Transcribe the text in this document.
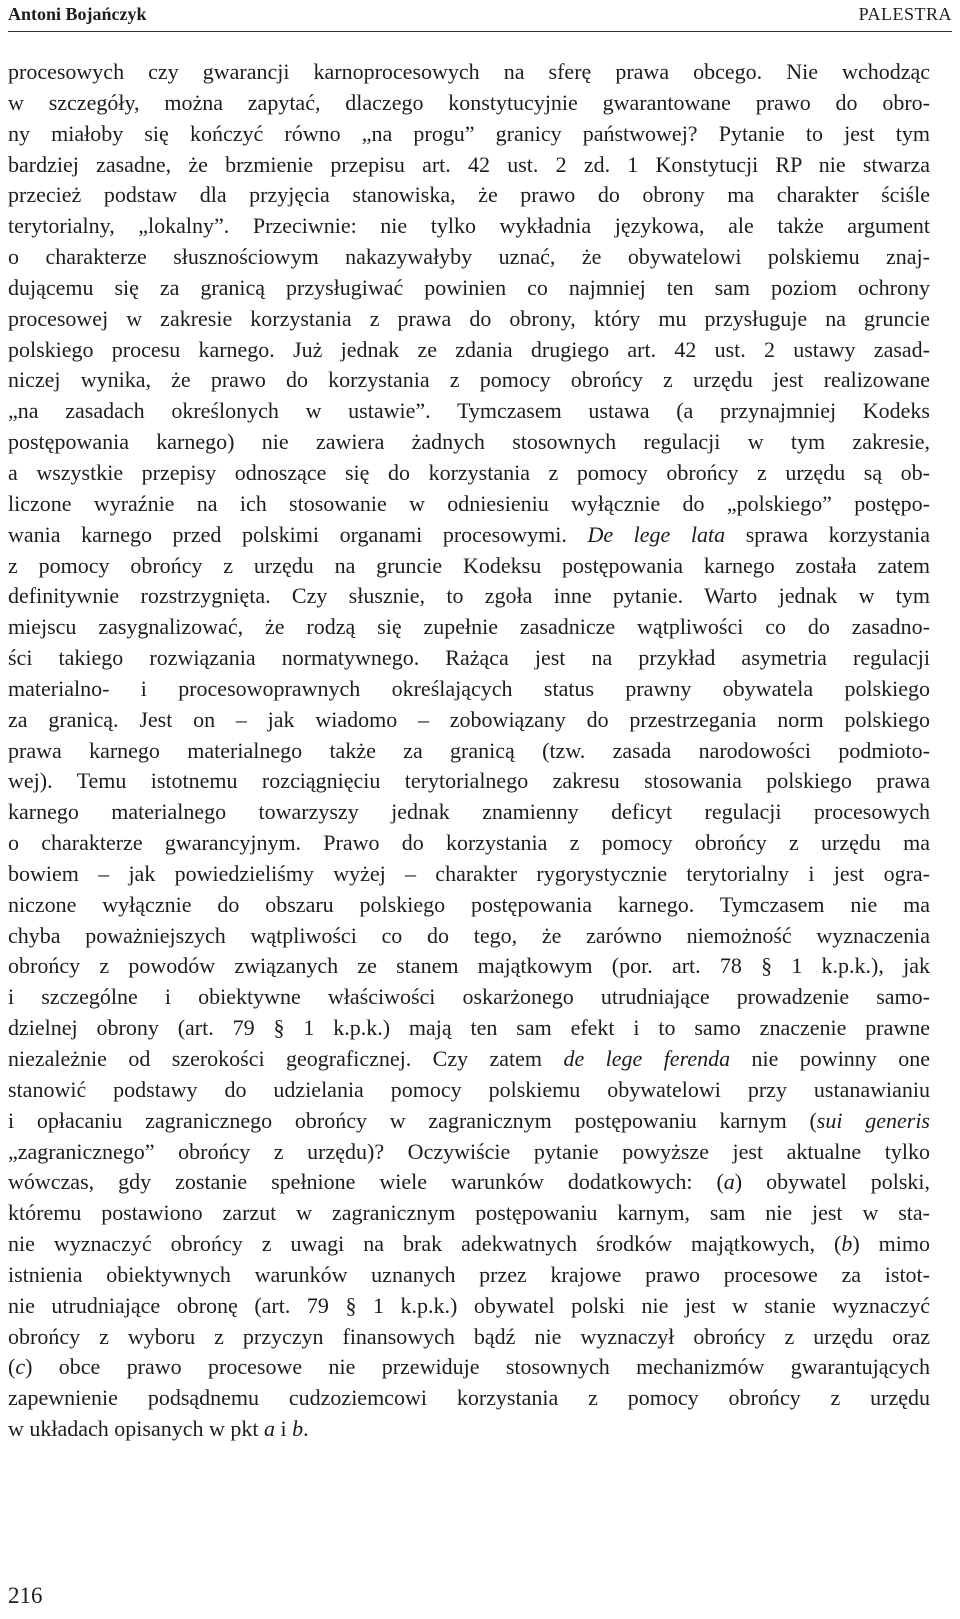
Antoni Bojańczyk	PALESTRA
procesowych czy gwarancji karnoprocesowych na sferę prawa obcego. Nie wchodząc
w szczegóły, można zapytać, dlaczego konstytucyjnie gwarantowane prawo do obro-
ny miałoby się kończyć równo „na progu” granicy państwowej? Pytanie to jest tym
bardziej zasadne, że brzmienie przepisu art. 42 ust. 2 zd. 1 Konstytucji RP nie stwarza
przecież podstaw dla przyjęcia stanowiska, że prawo do obrony ma charakter ściśle
terytorialny, „lokalny”. Przeciwnie: nie tylko wykładnia językowa, ale także argument
o charakterze słusznościowym nakazywałyby uznać, że obywatelowi polskiemu znaj-
dującemu się za granicą przysługiwać powinien co najmniej ten sam poziom ochrony
procesowej w zakresie korzystania z prawa do obrony, który mu przysługuje na gruncie
polskiego procesu karnego. Już jednak ze zdania drugiego art. 42 ust. 2 ustawy zasad-
niczej wynika, że prawo do korzystania z pomocy obrońcy z urzędu jest realizowane
„na zasadach określonych w ustawie”. Tymczasem ustawa (a przynajmniej Kodeks
postępowania karnego) nie zawiera żadnych stosownych regulacji w tym zakresie,
a wszystkie przepisy odnoszące się do korzystania z pomocy obrońcy z urzędu są ob-
liczone wyraźnie na ich stosowanie w odniesieniu wyłącznie do „polskiego” postępo-
wania karnego przed polskimi organami procesowymi. De lege lata sprawa korzystania
z pomocy obrońcy z urzędu na gruncie Kodeksu postępowania karnego została zatem
definitywnie rozstrzygnięta. Czy słusznie, to zgoła inne pytanie. Warto jednak w tym
miejscu zasygnalizować, że rodzą się zupełnie zasadnicze wątpliwości co do zasadno-
ści takiego rozwiązania normatywnego. Rażąca jest na przykład asymetria regulacji
materialno- i procesowoprawnych określających status prawny obywatela polskiego
za granicą. Jest on – jak wiadomo – zobowiązany do przestrzegania norm polskiego
prawa karnego materialnego także za granicą (tzw. zasada narodowości podmioto-
wej). Temu istotnemu rozciągnięciu terytorialnego zakresu stosowania polskiego prawa
karnego materialnego towarzyszy jednak znamienny deficyt regulacji procesowych
o charakterze gwarancyjnym. Prawo do korzystania z pomocy obrońcy z urzędu ma
bowiem – jak powiedzieliśmy wyżej – charakter rygorystycznie terytorialny i jest ogra-
niczone wyłącznie do obszaru polskiego postępowania karnego. Tymczasem nie ma
chyba poważniejszych wątpliwości co do tego, że zarówno niemożność wyznaczenia
obrońcy z powodów związanych ze stanem majątkowym (por. art. 78 § 1 k.p.k.), jak
i szczególne i obiektywne właściwości oskarżonego utrudniające prowadzenie samo-
dzielnej obrony (art. 79 § 1 k.p.k.) mają ten sam efekt i to samo znaczenie prawne
niezależnie od szerokości geograficznej. Czy zatem de lege ferenda nie powinny one
stanowić podstawy do udzielania pomocy polskiemu obywatelowi przy ustanawianiu
i opłacaniu zagranicznego obrońcy w zagranicznym postępowaniu karnym (sui generis
„zagranicznego” obrońcy z urzędu)? Oczywiście pytanie powyższe jest aktualne tylko
wówczas, gdy zostanie spełnione wiele warunków dodatkowych: (a) obywatel polski,
któremu postawiono zarzut w zagranicznym postępowaniu karnym, sam nie jest w sta-
nie wyznaczyć obrońcy z uwagi na brak adekwatnych środków majątkowych, (b) mimo
istnienia obiektywnych warunków uznanych przez krajowe prawo procesowe za istot-
nie utrudniające obronę (art. 79 § 1 k.p.k.) obywatel polski nie jest w stanie wyznaczyć
obrońcy z wyboru z przyczyn finansowych bądź nie wyznaczył obrońcy z urzędu oraz
(c) obce prawo procesowe nie przewiduje stosownych mechanizmów gwarantujących
zapewnienie podsądnemu cudzoziemcowi korzystania z pomocy obrońcy z urzędu
w układach opisanych w pkt a i b.
216
